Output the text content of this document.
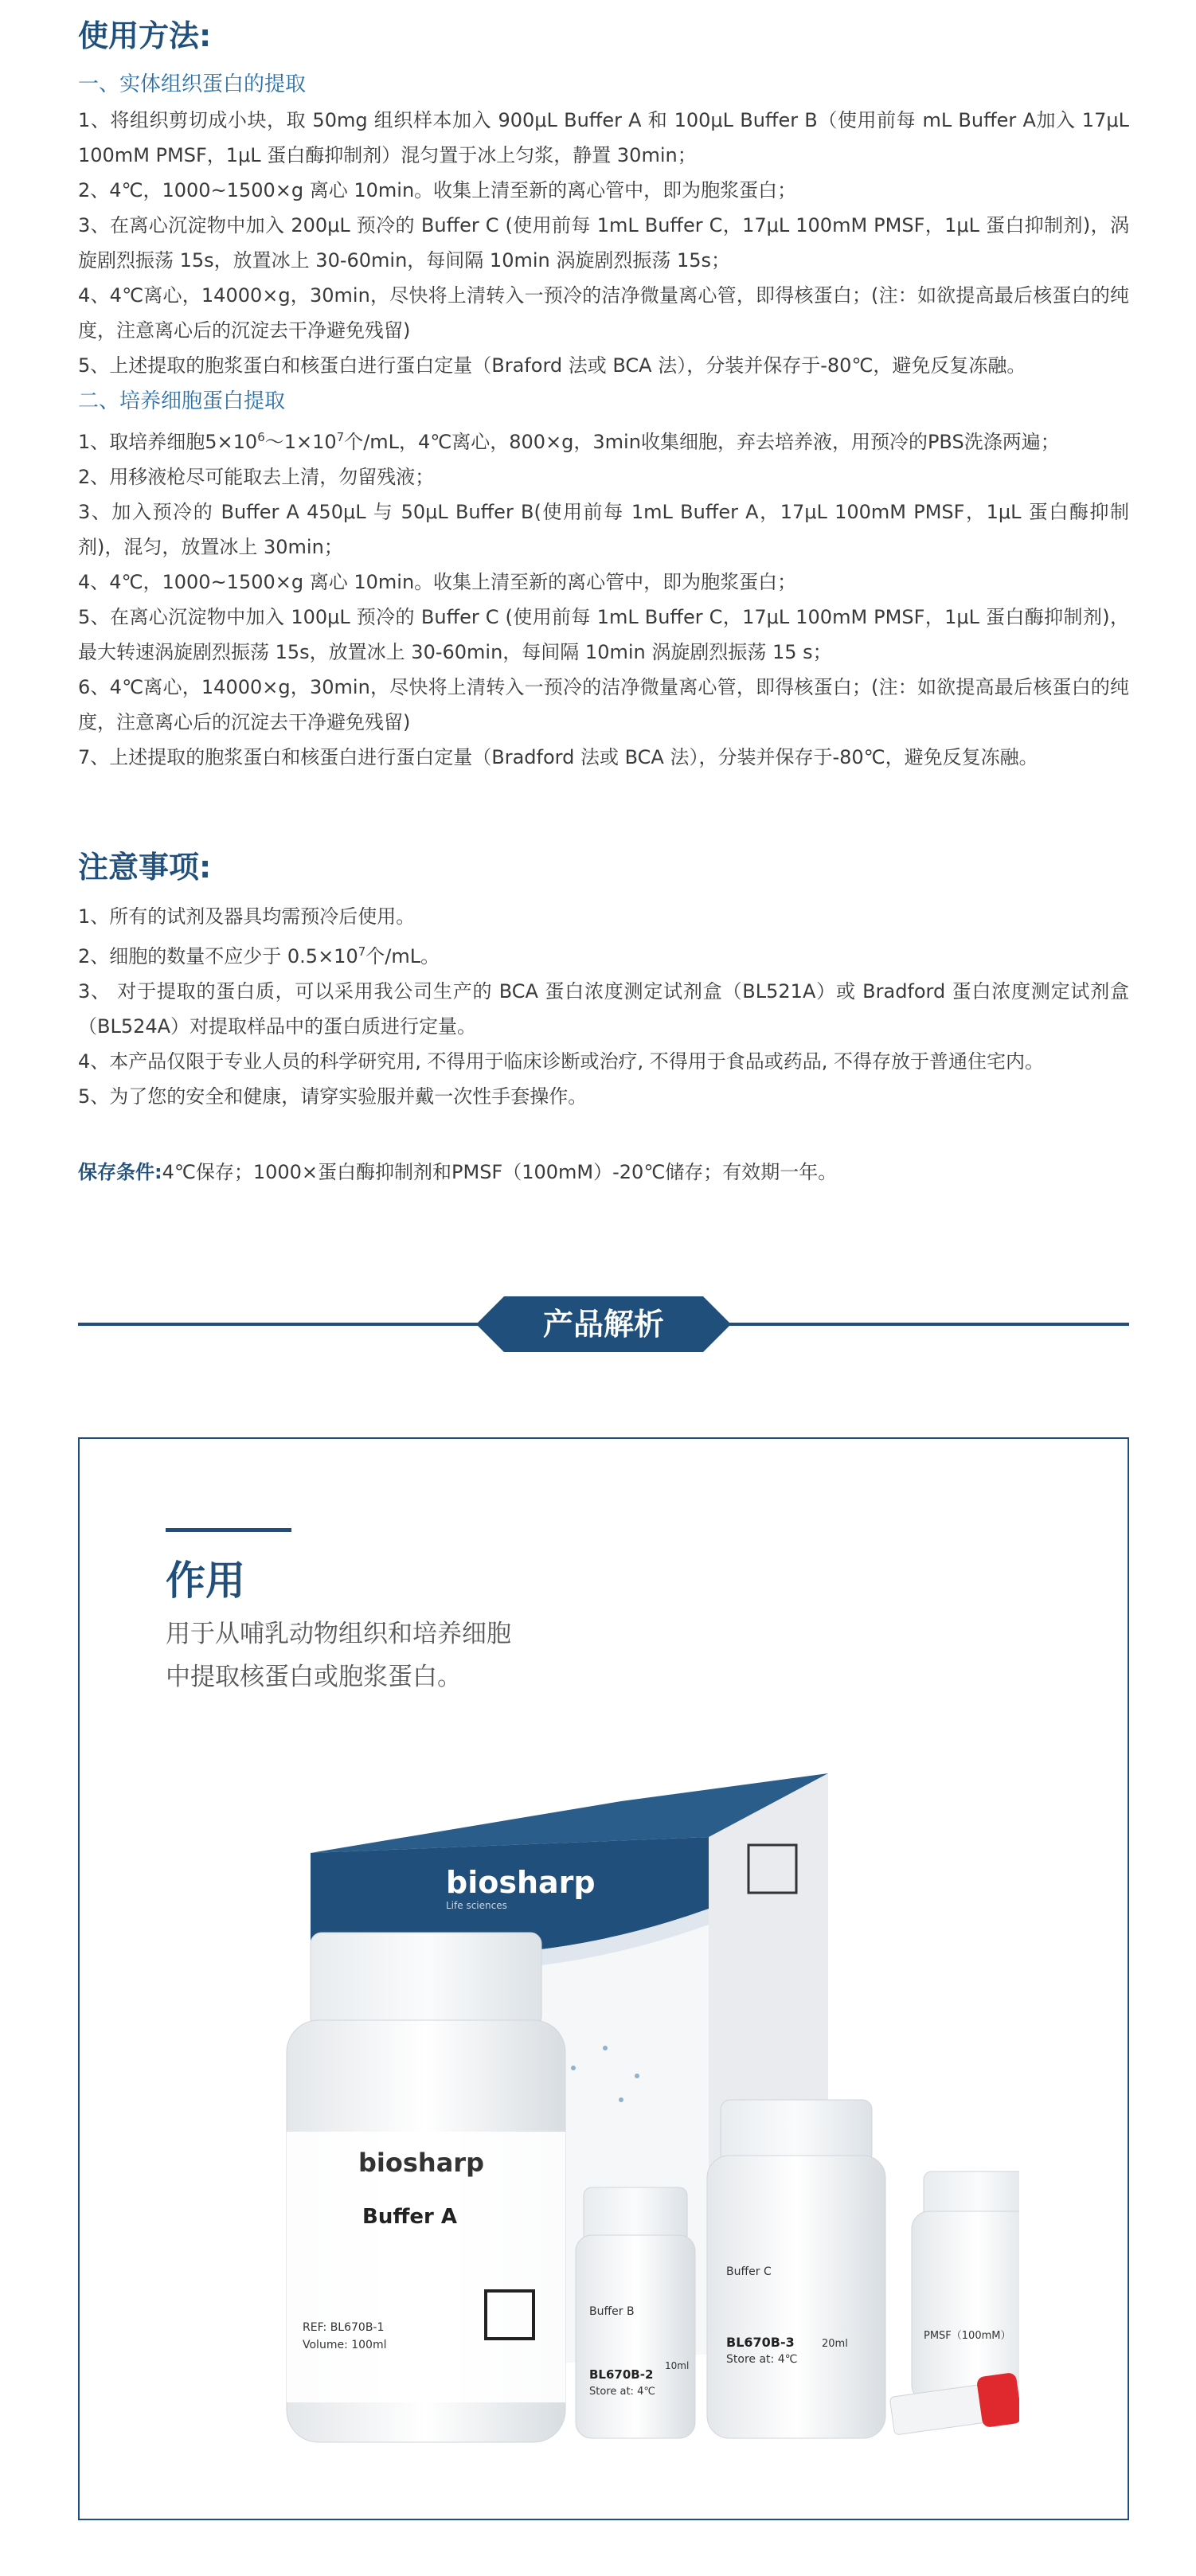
使用方法:

一、实体组织蛋白的提取

1、将组织剪切成小块，取 50mg 组织样本加入 900μL Buffer A 和 100μL Buffer B（使用前每 mL Buffer A加入 17μL 100mM PMSF，1μL 蛋白酶抑制剂）混匀置于冰上匀浆，静置 30min；

2、4℃，1000~1500×g 离心 10min。收集上清至新的离心管中，即为胞浆蛋白；

3、在离心沉淀物中加入 200μL 预冷的 Buffer C (使用前每 1mL Buffer C，17μL 100mM PMSF，1μL 蛋白抑制剂)，涡旋剧烈振荡 15s，放置冰上 30-60min，每间隔 10min 涡旋剧烈振荡 15s；

4、4℃离心，14000×g，30min，尽快将上清转入一预冷的洁净微量离心管，即得核蛋白；(注：如欲提高最后核蛋白的纯度，注意离心后的沉淀去干净避免残留)

5、上述提取的胞浆蛋白和核蛋白进行蛋白定量（Braford 法或 BCA 法），分装并保存于-80℃，避免反复冻融。

二、培养细胞蛋白提取

1、取培养细胞$5\times 10^6\sim 1\times 10^7$个/mL，4℃离心，800×g，3min收集细胞，弃去培养液，用预冷的PBS洗涤两遍；

2、用移液枪尽可能取去上清，勿留残液；

3、加入预冷的 Buffer A 450μL 与 50μL Buffer B(使用前每 1mL Buffer A，17μL 100mM PMSF，1μL 蛋白酶抑制剂)，混匀，放置冰上 30min；

4、4℃，1000~1500×g 离心 10min。收集上清至新的离心管中，即为胞浆蛋白；

5、在离心沉淀物中加入 100μL 预冷的 Buffer C (使用前每 1mL Buffer C，17μL 100mM PMSF，1μL 蛋白酶抑制剂)，最大转速涡旋剧烈振荡 15s，放置冰上 30-60min，每间隔 10min 涡旋剧烈振荡 15 s；

6、4℃离心，14000×g，30min，尽快将上清转入一预冷的洁净微量离心管，即得核蛋白；(注：如欲提高最后核蛋白的纯度，注意离心后的沉淀去干净避免残留)

7、上述提取的胞浆蛋白和核蛋白进行蛋白定量（Bradford 法或 BCA 法），分装并保存于-80℃，避免反复冻融。

注意事项:

1、所有的试剂及器具均需预冷后使用。

2、细胞的数量不应少于 $0.5\times 10^7$个/mL。

3、 对于提取的蛋白质，可以采用我公司生产的 BCA 蛋白浓度测定试剂盒（BL521A）或 Bradford 蛋白浓度测定试剂盒（BL524A）对提取样品中的蛋白质进行定量。

4、本产品仅限于专业人员的科学研究用, 不得用于临床诊断或治疗, 不得用于食品或药品, 不得存放于普通住宅内。

5、为了您的安全和健康，请穿实验服并戴一次性手套操作。

保存条件:4℃保存；1000×蛋白酶抑制剂和PMSF（100mM）-20℃储存；有效期一年。

产品解析

作用

用于从哺乳动物组织和培养细胞
中提取核蛋白或胞浆蛋白。
biosharp
Life sciences
biosharp
Buffer A
REF: BL670B-1
Volume: 100ml
Buffer B
BL670B-2
Store at: 4℃
10ml
Buffer C
BL670B-3
Store at: 4℃
20ml
PMSF（100mM）
